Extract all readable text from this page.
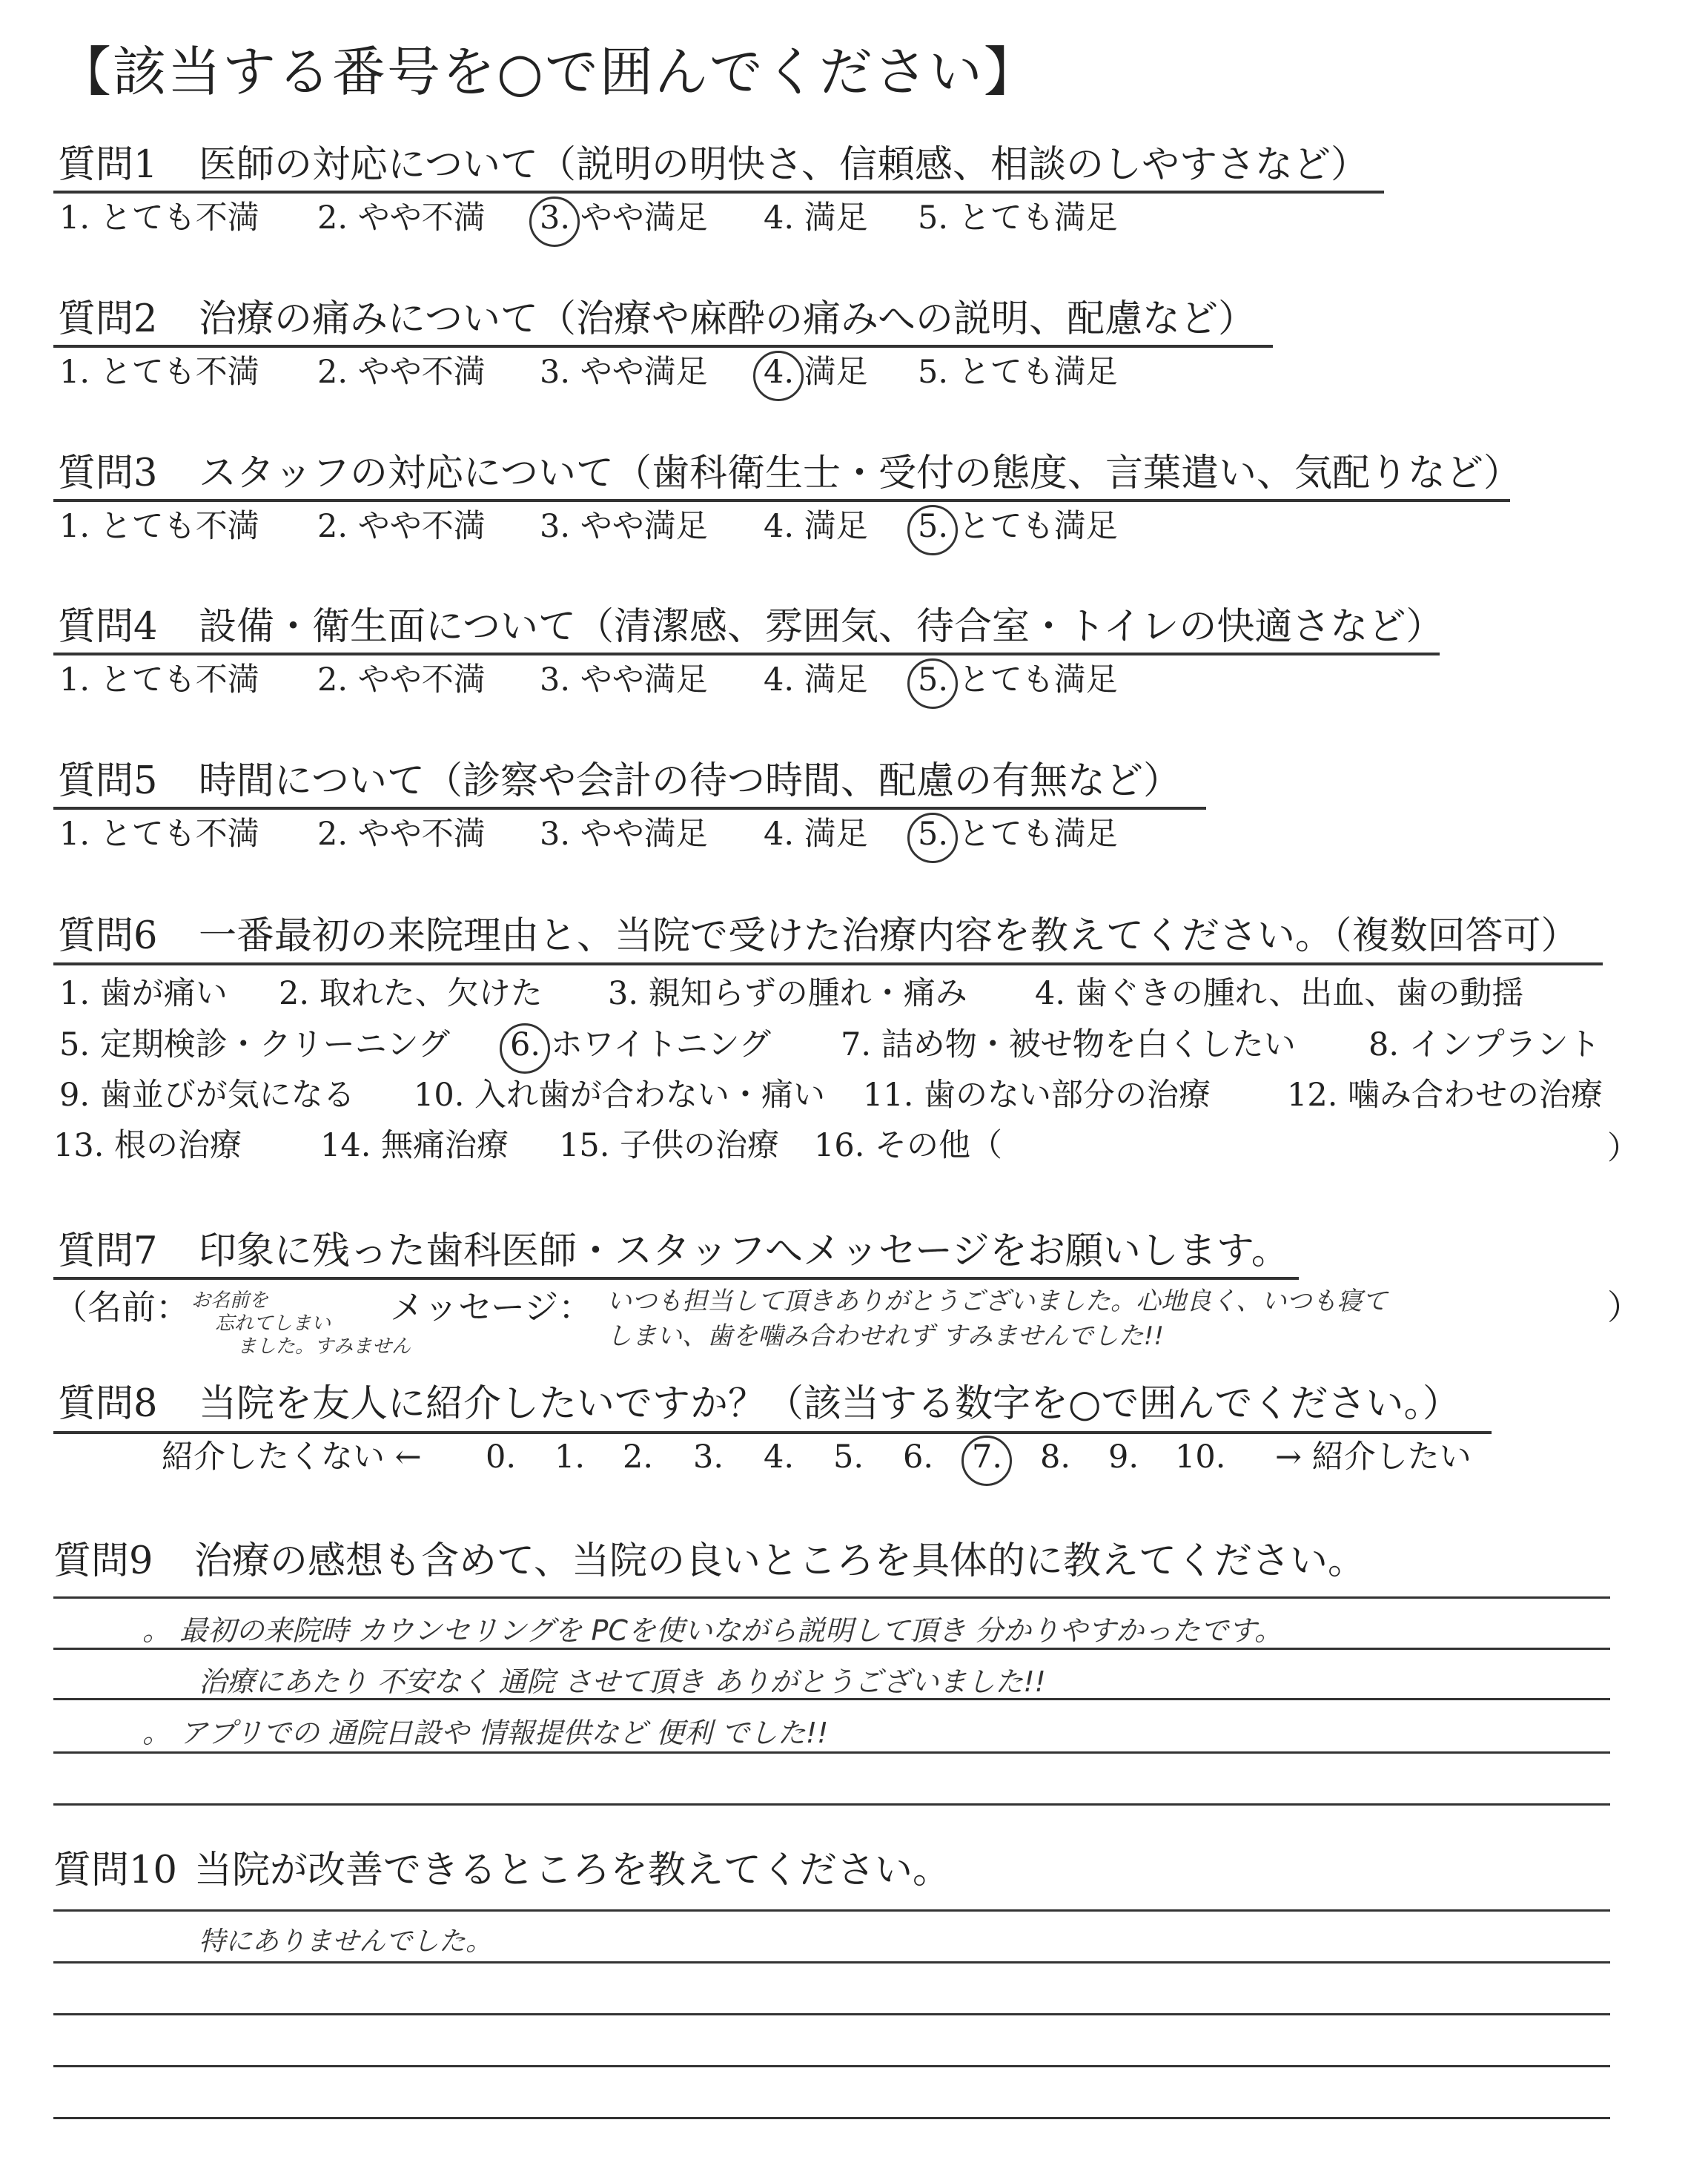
【該当する番号を○で囲んでください】
質問1 医師の対応について（説明の明快さ、信頼感、相談のしやすさなど）
1. とても不満 2. やや不満 3. やや満足 4. 満足 5. とても満足
質問2 治療の痛みについて（治療や麻酔の痛みへの説明、配慮など）
1. とても不満 2. やや不満 3. やや満足 4. 満足 5. とても満足
質問3 スタッフの対応について（歯科衛生士・受付の態度、言葉遣い、気配りなど）
1. とても不満 2. やや不満 3. やや満足 4. 満足 5. とても満足
質問4 設備・衛生面について（清潔感、雰囲気、待合室・トイレの快適さなど）
1. とても不満 2. やや不満 3. やや満足 4. 満足 5. とても満足
質問5 時間について（診察や会計の待つ時間、配慮の有無など）
1. とても不満 2. やや不満 3. やや満足 4. 満足 5. とても満足
質問6 一番最初の来院理由と、当院で受けた治療内容を教えてください。（複数回答可）
1. 歯が痛い 2. 取れた、欠けた 3. 親知らずの腫れ・痛み 4. 歯ぐきの腫れ、出血、歯の動揺
5. 定期検診・クリーニング 6. ホワイトニング 7. 詰め物・被せ物を白くしたい 8. インプラント
9. 歯並びが気になる 10. 入れ歯が合わない・痛い 11. 歯のない部分の治療 12. 噛み合わせの治療
13. 根の治療 14. 無痛治療 15. 子供の治療 16. その他（	）
質問7 印象に残った歯科医師・スタッフへメッセージをお願いします。
（名前： お名前を
忘れてしまい
ました。すみません
メッセージ： いつも担当して頂きありがとうございました。心地良く、いつも寝て
しまい、歯を噛み合わせれず すみませんでした!!
）
質問8 当院を友人に紹介したいですか？（該当する数字を○で囲んでください。）
紹介したくない ← 0. 1. 2. 3. 4. 5. 6. 7. 8. 9. 10. → 紹介したい
質問9 治療の感想も含めて、当院の良いところを具体的に教えてください。
。 最初の来院時 カウンセリングを PCを使いながら説明して頂き 分かりやすかったです。
治療にあたり 不安なく 通院 させて頂き ありがとうございました!!
。 アプリでの 通院日設や 情報提供など 便利 でした!!
質問10 当院が改善できるところを教えてください。
特にありませんでした。
